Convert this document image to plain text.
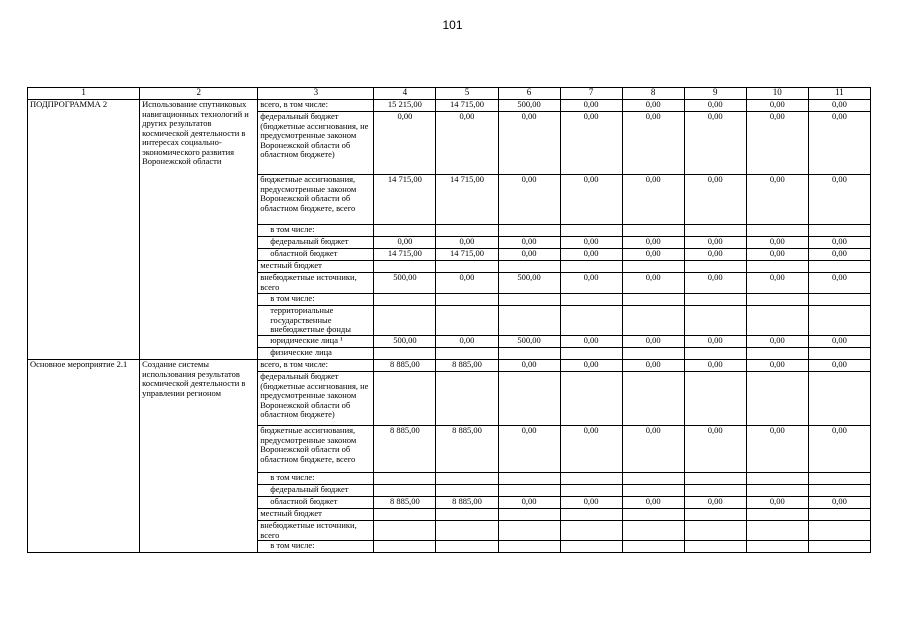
101
1	2	3	4	5	6	7	8	9	10	11
ПОДПРОГРАММА 2	Использование спутниковых навигационных технологий и других результатов космической деятельности в интересах социально-экономического развития Воронежской области	всего, в том числе:	15 215,00	14 715,00	500,00	0,00	0,00	0,00	0,00	0,00
		федеральный бюджет (бюджетные ассигнования, не предусмотренные законом Воронежской области об областном бюджете)	0,00	0,00	0,00	0,00	0,00	0,00	0,00	0,00
		бюджетные ассигнования, предусмотренные законом Воронежской области об областном бюджете, всего	14 715,00	14 715,00	0,00	0,00	0,00	0,00	0,00	0,00
		в том числе:								
		федеральный бюджет	0,00	0,00	0,00	0,00	0,00	0,00	0,00	0,00
		областной бюджет	14 715,00	14 715,00	0,00	0,00	0,00	0,00	0,00	0,00
		местный бюджет								
		внебюджетные источники, всего	500,00	0,00	500,00	0,00	0,00	0,00	0,00	0,00
		в том числе:								
		территориальные государственные внебюджетные фонды								
		юридические лица ¹	500,00	0,00	500,00	0,00	0,00	0,00	0,00	0,00
		физические лица								
Основное мероприятие 2.1	Создание системы использования результатов космической деятельности в управлении регионом	всего, в том числе:	8 885,00	8 885,00	0,00	0,00	0,00	0,00	0,00	0,00
		федеральный бюджет (бюджетные ассигнования, не предусмотренные законом Воронежской области об областном бюджете)								
		бюджетные ассигнования, предусмотренные законом Воронежской области об областном бюджете, всего	8 885,00	8 885,00	0,00	0,00	0,00	0,00	0,00	0,00
		в том числе:								
		федеральный бюджет								
		областной бюджет	8 885,00	8 885,00	0,00	0,00	0,00	0,00	0,00	0,00
		местный бюджет								
		внебюджетные источники, всего								
		в том числе:								
